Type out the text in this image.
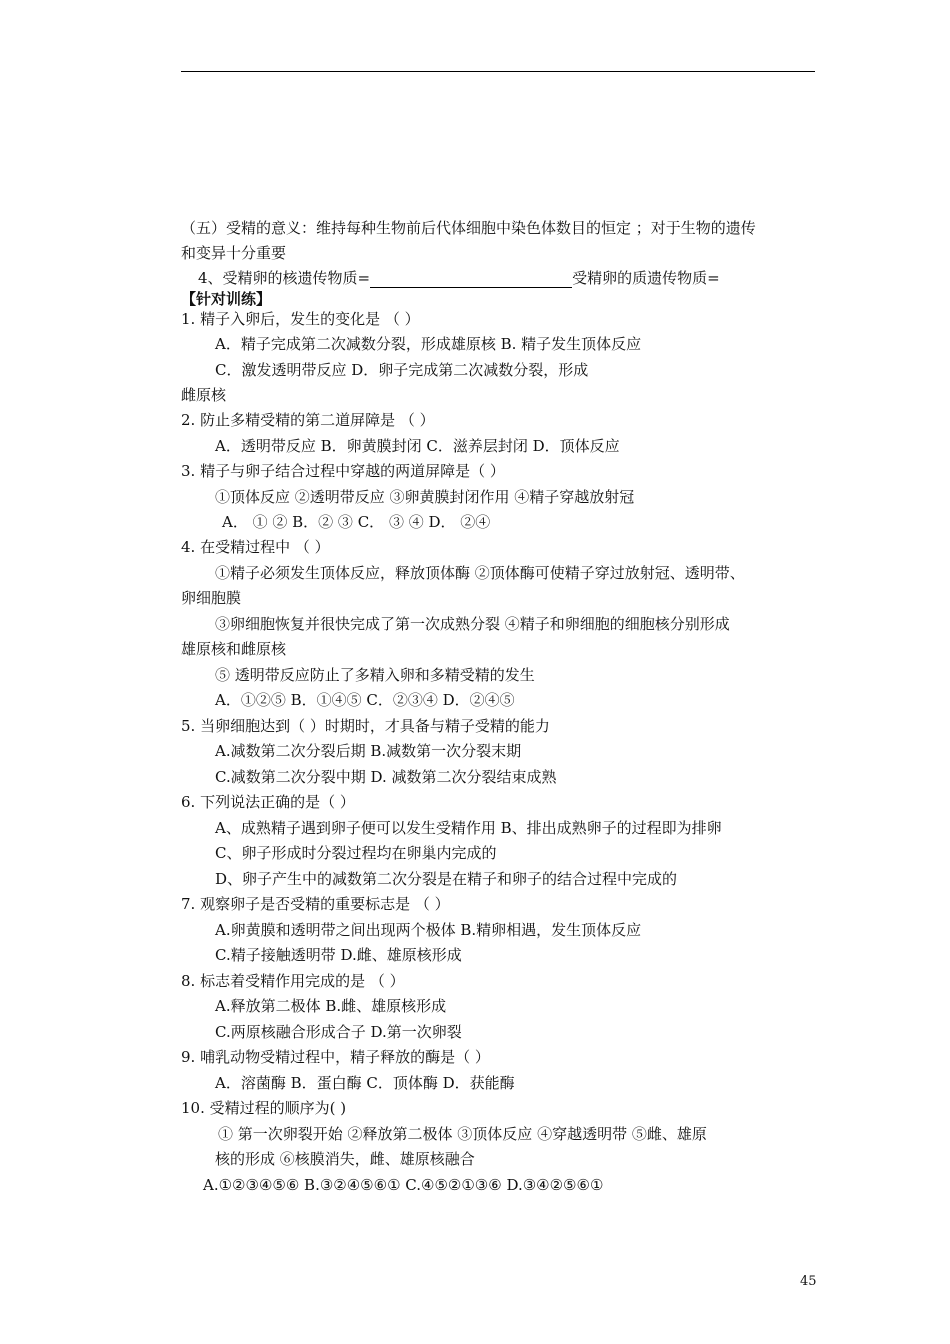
（五）受精的意义：维持每种生物前后代体细胞中染色体数目的恒定 ；对于生物的遗传
和变异十分重要
4、受精卵的核遗传物质=	受精卵的质遗传物质=
【针对训练】
1. 精子入卵后，发生的变化是 （ ）
A．精子完成第二次减数分裂，形成雄原核 B. 精子发生顶体反应
C．激发透明带反应 D．卵子完成第二次减数分裂，形成
雌原核
2. 防止多精受精的第二道屏障是 （ ）
A．透明带反应 B．卵黄膜封闭 C．滋养层封闭 D．顶体反应
3. 精子与卵子结合过程中穿越的两道屏障是（ ）
①顶体反应 ②透明带反应 ③卵黄膜封闭作用 ④精子穿越放射冠
A． ① ② B．② ③ C． ③ ④ D． ②④
4. 在受精过程中 （ ）
①精子必须发生顶体反应，释放顶体酶 ②顶体酶可使精子穿过放射冠、透明带、
卵细胞膜
③卵细胞恢复并很快完成了第一次成熟分裂 ④精子和卵细胞的细胞核分别形成
雄原核和雌原核
⑤ 透明带反应防止了多精入卵和多精受精的发生
A．①②⑤ B．①④⑤ C．②③④ D．②④⑤
5. 当卵细胞达到（ ）时期时，才具备与精子受精的能力
A.减数第二次分裂后期 B.减数第一次分裂末期
C.减数第二次分裂中期 D. 减数第二次分裂结束成熟
6. 下列说法正确的是（ ）
A、成熟精子遇到卵子便可以发生受精作用 B、排出成熟卵子的过程即为排卵
C、卵子形成时分裂过程均在卵巢内完成的
D、卵子产生中的减数第二次分裂是在精子和卵子的结合过程中完成的
7. 观察卵子是否受精的重要标志是 （ ）
A.卵黄膜和透明带之间出现两个极体 B.精卵相遇，发生顶体反应
C.精子接触透明带 D.雌、雄原核形成
8. 标志着受精作用完成的是 （ ）
A.释放第二极体 B.雌、雄原核形成
C.两原核融合形成合子 D.第一次卵裂
9. 哺乳动物受精过程中，精子释放的酶是（ ）
A．溶菌酶 B．蛋白酶 C．顶体酶 D．获能酶
10. 受精过程的顺序为( )
① 第一次卵裂开始 ②释放第二极体 ③顶体反应 ④穿越透明带 ⑤雌、雄原
核的形成 ⑥核膜消失，雌、雄原核融合
A.①②③④⑤⑥ B.③②④⑤⑥① C.④⑤②①③⑥ D.③④②⑤⑥①
45
